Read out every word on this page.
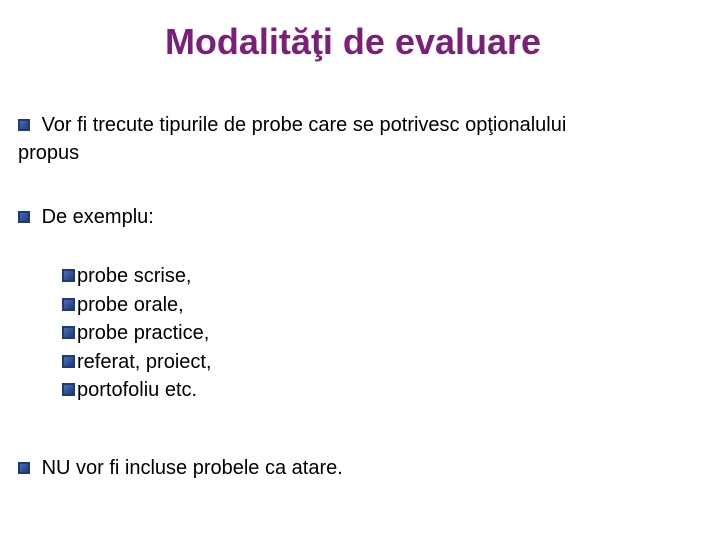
Modalităţi de evaluare
Vor fi trecute tipurile de probe care se potrivesc opţionalului
propus
De exemplu:
probe scrise,
probe orale,
probe practice,
referat, proiect,
portofoliu etc.
NU vor fi incluse probele ca atare.
